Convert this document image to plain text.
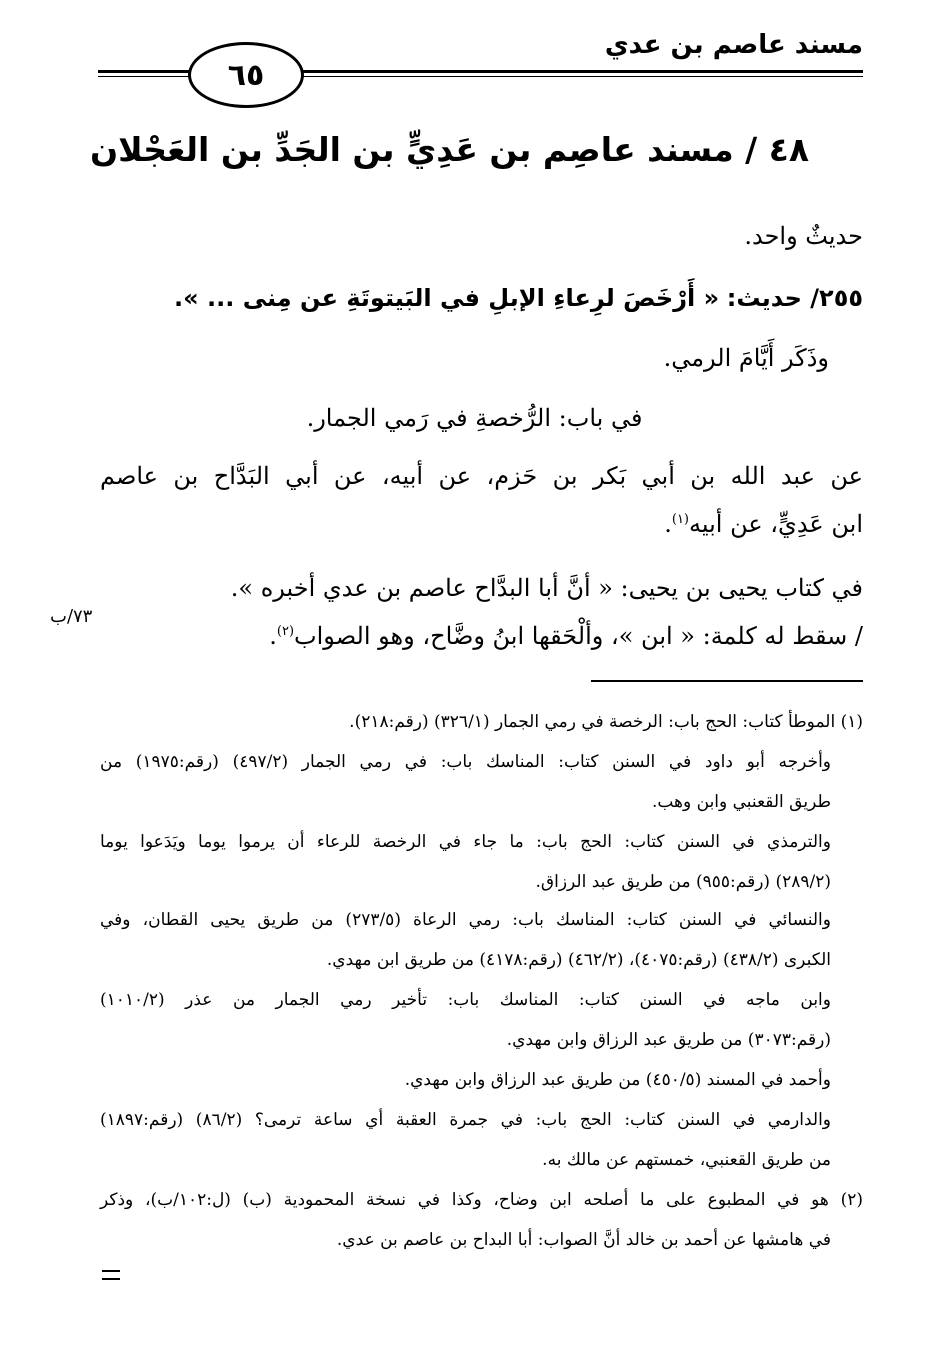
مسند عاصم بن عدي
٦٥
٤٨ / مسند عاصِم بن عَدِيٍّ بن الجَدِّ بن العَجْلان
حديثٌ واحد.
٢٥٥/ حديث: « أَرْخَصَ لرِعاءِ الإبلِ في البَيتوتَةِ عن مِنى ... ».
وذَكَر أَيَّامَ الرمي.
في باب: الرُّخصةِ في رَمي الجمار.
عن عبد الله بن أبي بَكر بن حَزم، عن أبيه، عن أبي البَدَّاح بن عاصم
ابن عَدِيٍّ، عن أبيه$^{(١)}$.
في كتاب يحيى بن يحيى: « أنَّ أبا البدَّاح عاصم بن عدي أخبره ».
/ سقط له كلمة: « ابن »، وألْحَقها ابنُ وضَّاح، وهو الصواب$^{(٢)}$.
٧٣/ب
(١) الموطأ كتاب: الحج باب: الرخصة في رمي الجمار (٣٢٦/١) (رقم:٢١٨).
وأخرجه أبو داود في السنن كتاب: المناسك باب: في رمي الجمار (٤٩٧/٢) (رقم:١٩٧٥) من
طريق القعنبي وابن وهب.
والترمذي في السنن كتاب: الحج باب: ما جاء في الرخصة للرعاء أن يرموا يوما ويَدَعوا يوما
(٢٨٩/٢) (رقم:٩٥٥) من طريق عبد الرزاق.
والنسائي في السنن كتاب: المناسك باب: رمي الرعاة (٢٧٣/٥) من طريق يحيى القطان، وفي
الكبرى (٤٣٨/٢) (رقم:٤٠٧٥)، (٤٦٢/٢) (رقم:٤١٧٨) من طريق ابن مهدي.
وابن ماجه في السنن كتاب: المناسك باب: تأخير رمي الجمار من عذر (١٠١٠/٢)
(رقم:٣٠٧٣) من طريق عبد الرزاق وابن مهدي.
وأحمد في المسند (٤٥٠/٥) من طريق عبد الرزاق وابن مهدي.
والدارمي في السنن كتاب: الحج باب: في جمرة العقبة أي ساعة ترمى؟ (٨٦/٢) (رقم:١٨٩٧)
من طريق القعنبي، خمستهم عن مالك به.
(٢) هو في المطبوع على ما أصلحه ابن وضاح، وكذا في نسخة المحمودية (ب) (ل:١٠٢/ب)، وذكر
في هامشها عن أحمد بن خالد أنَّ الصواب: أبا البداح بن عاصم بن عدي.
